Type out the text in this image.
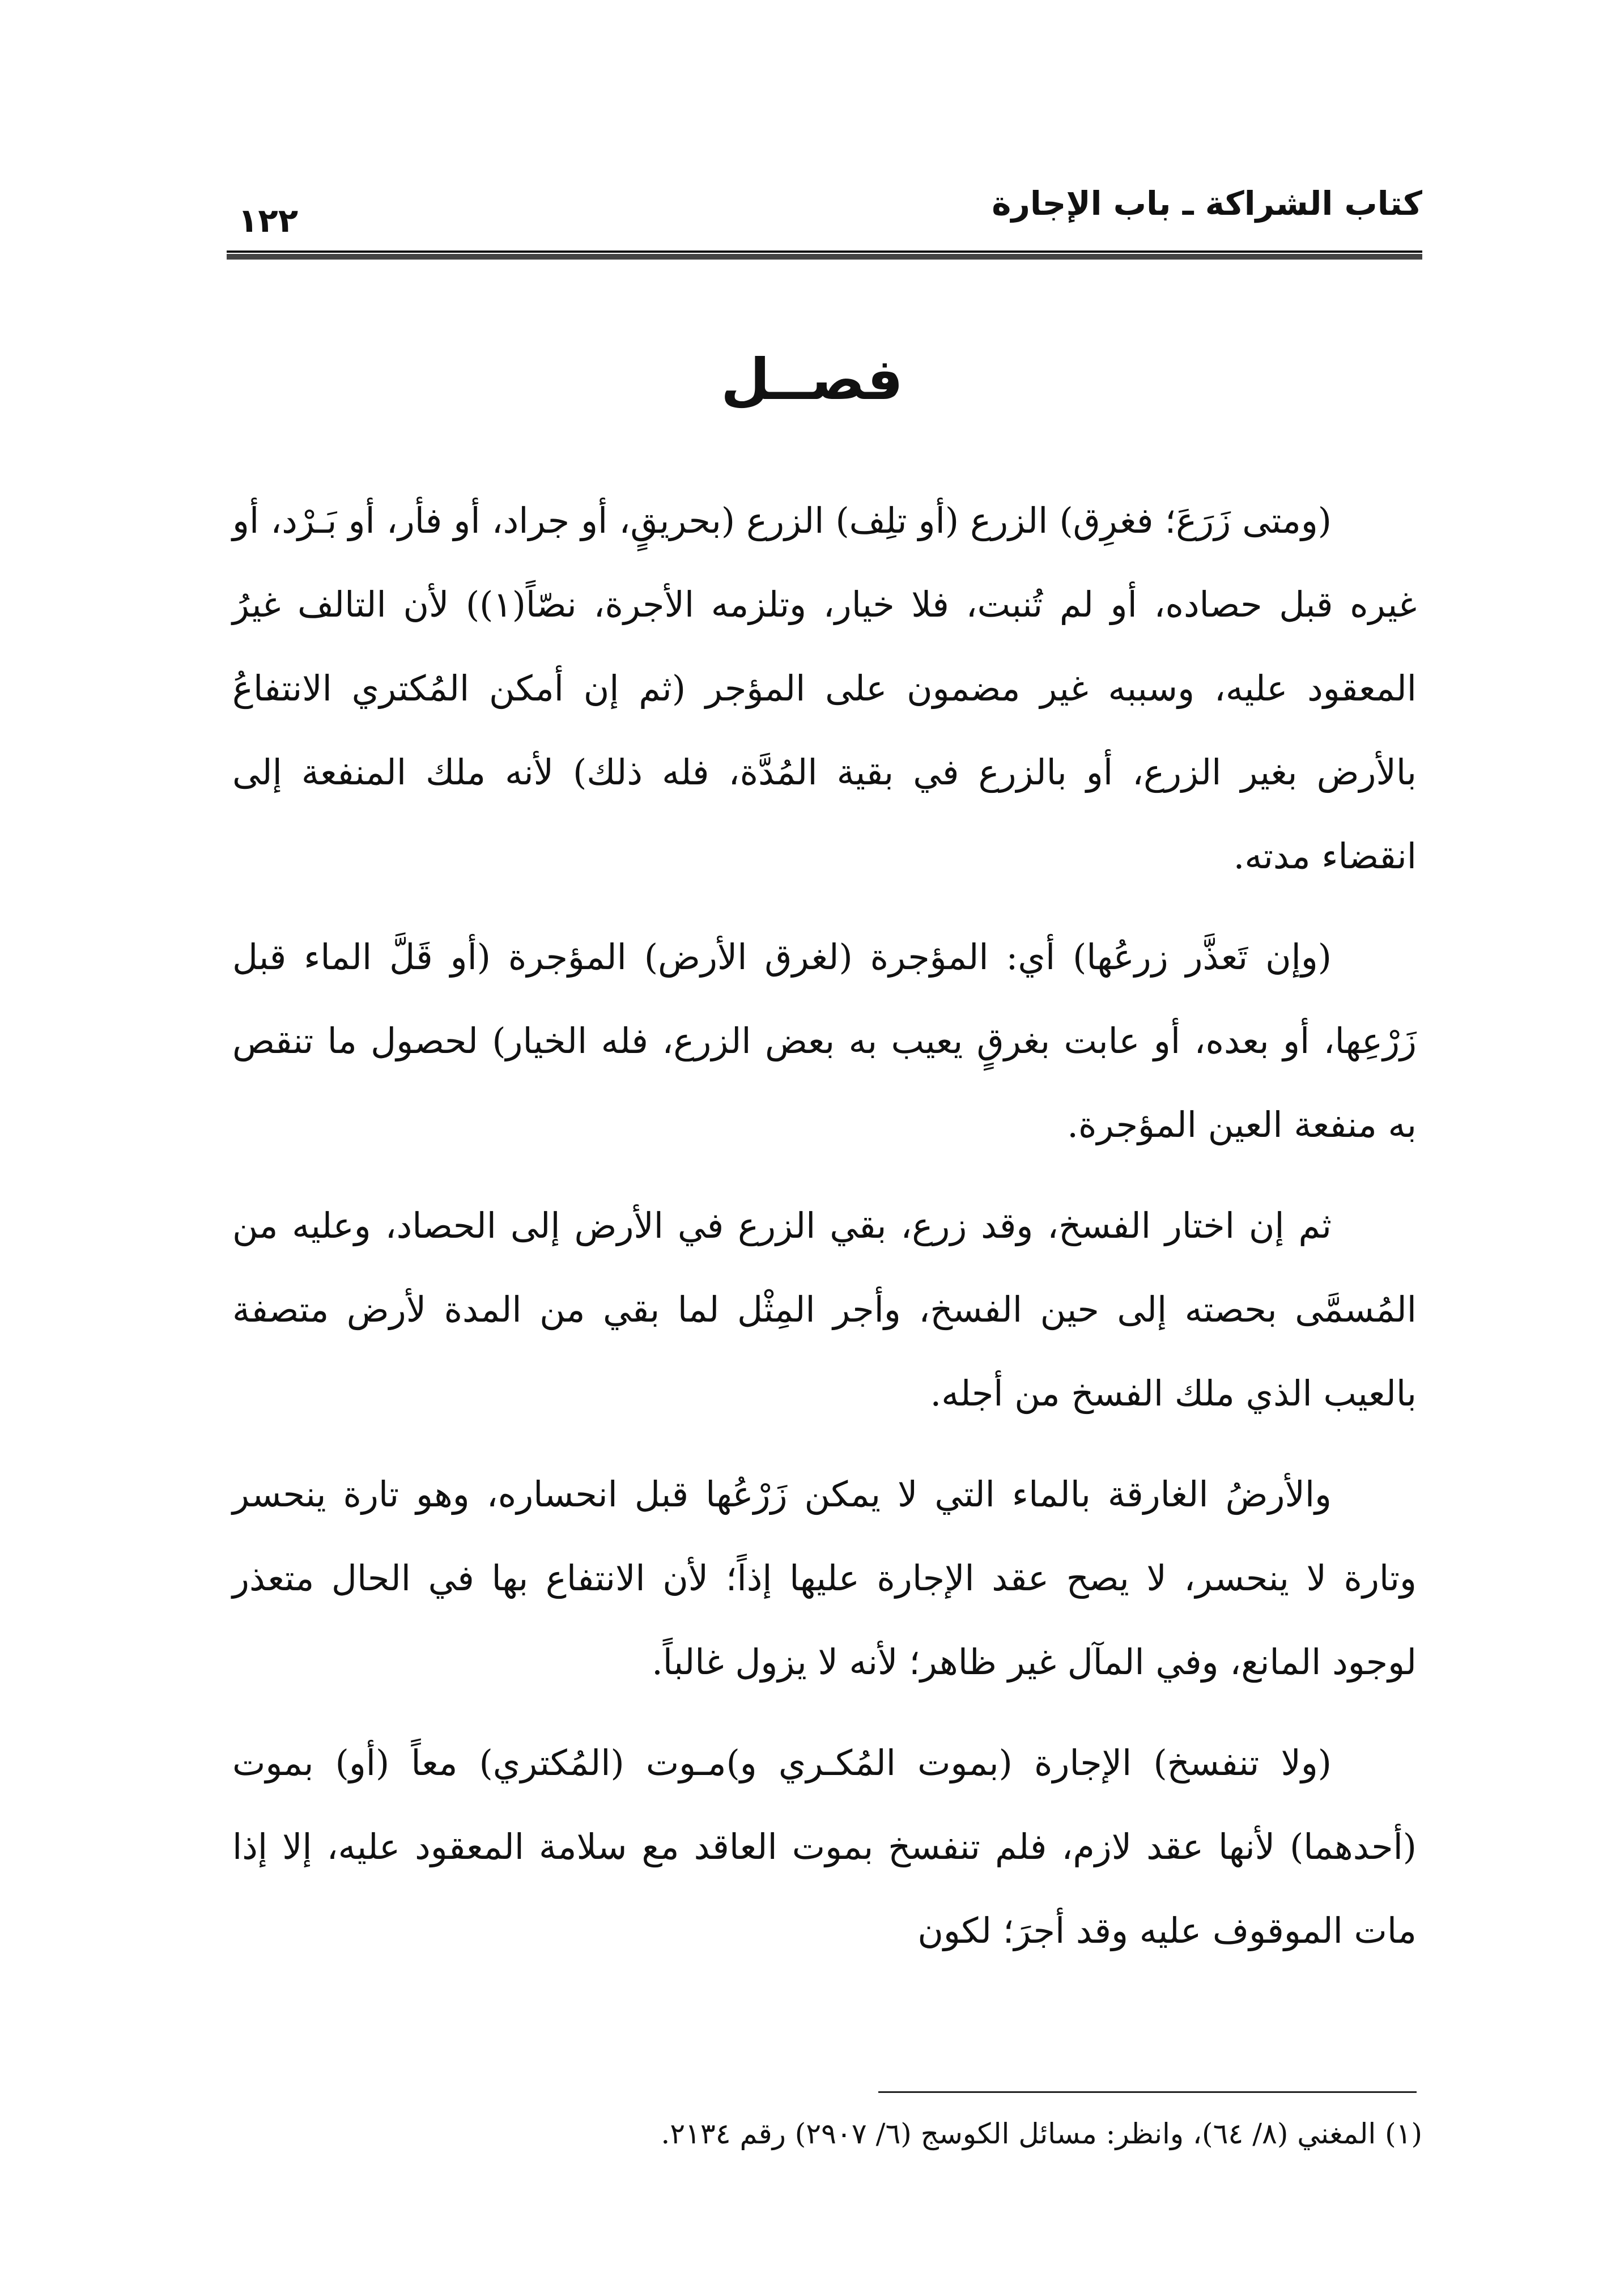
كتاب الشراكة ـ باب الإجارة
١٢٢
فصــل

(ومتى زَرَعَ؛ فغرِق) الزرع (أو تلِف) الزرع (بحريقٍ، أو جراد، أو فأر، أو بَـرْد، أو غيره قبل حصاده، أو لم تُنبت، فلا خيار، وتلزمه الأجرة، نصّاً(١)) لأن التالف غيرُ المعقود عليه، وسببه غير مضمون على المؤجر (ثم إن أمكن المُكتري الانتفاعُ بالأرض بغير الزرع، أو بالزرع في بقية المُدَّة، فله ذلك) لأنه ملك المنفعة إلى انقضاء مدته.

(وإن تَعذَّر زرعُها) أي: المؤجرة (لغرق الأرض) المؤجرة (أو قَلَّ الماء قبل زَرْعِها، أو بعده، أو عابت بغرقٍ يعيب به بعض الزرع، فله الخيار) لحصول ما تنقص به منفعة العين المؤجرة.

ثم إن اختار الفسخ، وقد زرع، بقي الزرع في الأرض إلى الحصاد، وعليه من المُسمَّى بحصته إلى حين الفسخ، وأجر المِثْل لما بقي من المدة لأرض متصفة بالعيب الذي ملك الفسخ من أجله.

والأرضُ الغارقة بالماء التي لا يمكن زَرْعُها قبل انحساره، وهو تارة ينحسر وتارة لا ينحسر، لا يصح عقد الإجارة عليها إذاً؛ لأن الانتفاع بها في الحال متعذر لوجود المانع، وفي المآل غير ظاهر؛ لأنه لا يزول غالباً.

(ولا تنفسخ) الإجارة (بموت المُكـري و)مـوت (المُكتري) معاً (أو) بموت (أحدهما) لأنها عقد لازم، فلم تنفسخ بموت العاقد مع سلامة المعقود عليه، إلا إذا مات الموقوف عليه وقد أجرَ؛ لكون

(١) المغني (٨/ ٦٤)، وانظر: مسائل الكوسج (٦/ ٢٩٠٧) رقم ٢١٣٤.
